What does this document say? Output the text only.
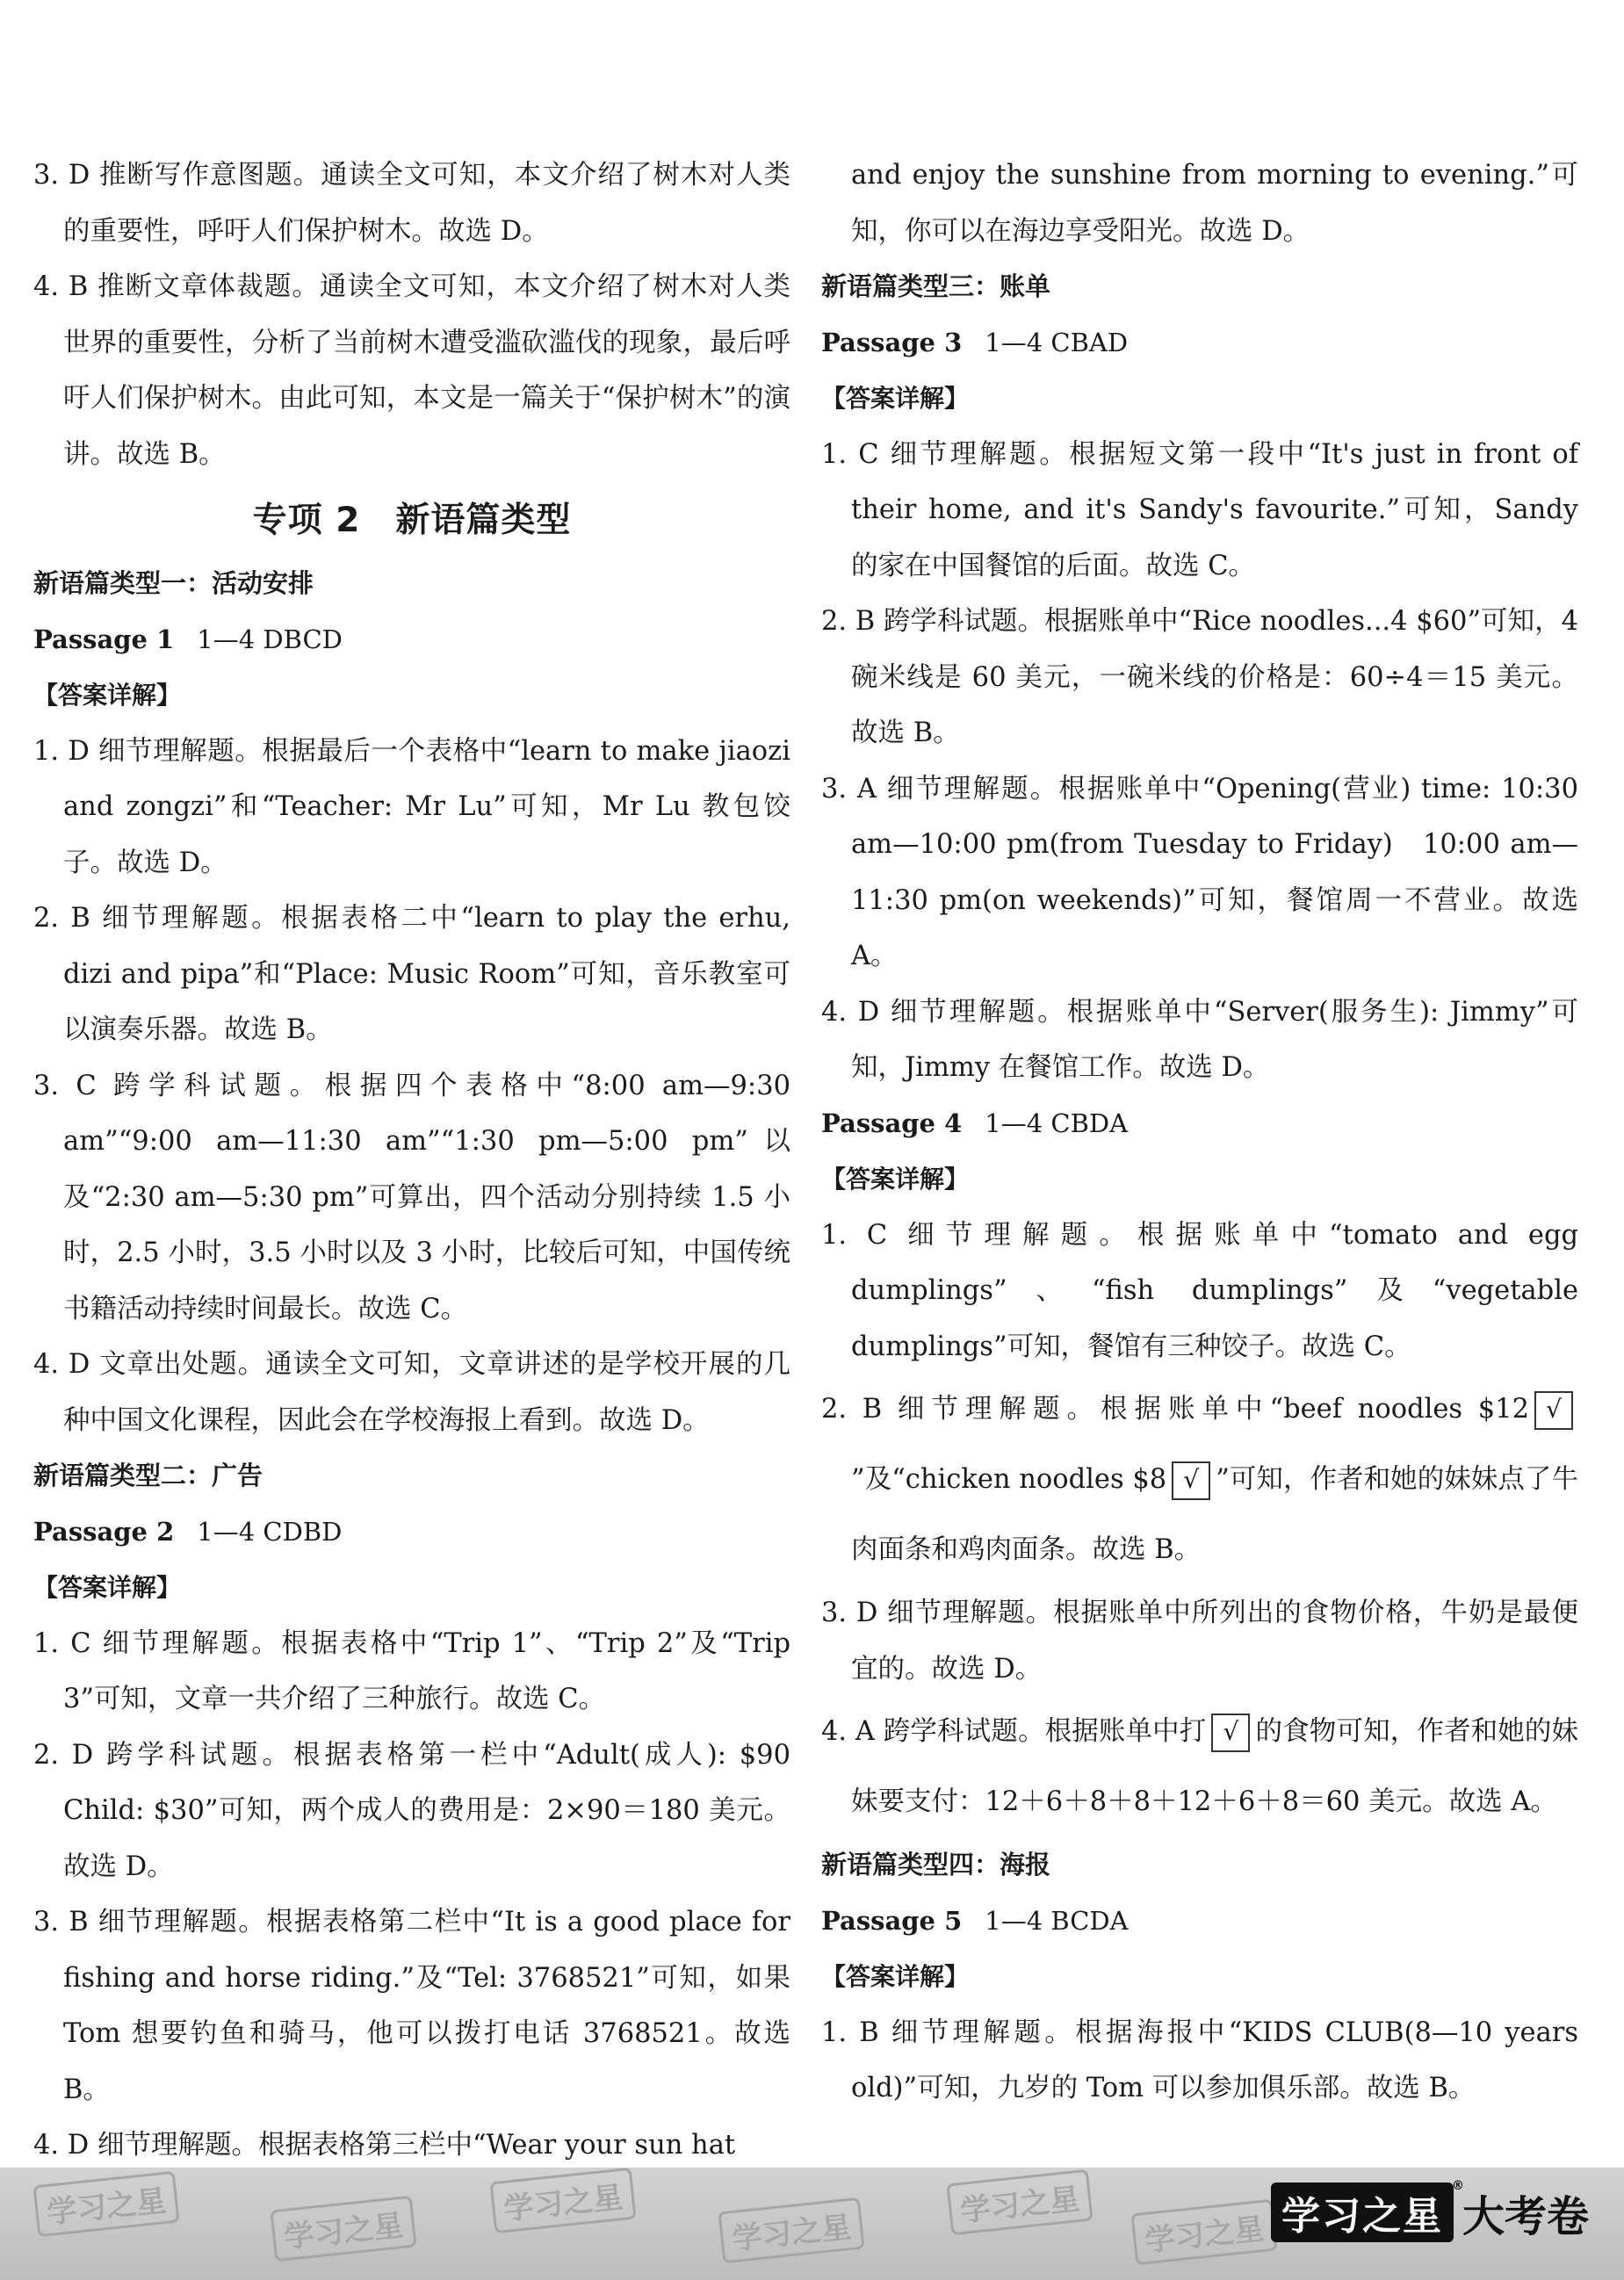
3. D 推断写作意图题。通读全文可知，本文介绍了树木对人类的重要性，呼吁人们保护树木。故选 D。

4. B 推断文章体裁题。通读全文可知，本文介绍了树木对人类世界的重要性，分析了当前树木遭受滥砍滥伐的现象，最后呼吁人们保护树木。由此可知，本文是一篇关于“保护树木”的演讲。故选 B。

专项 2　新语篇类型
新语篇类型一：活动安排
Passage 1 1—4 DBCD
【答案详解】

1. D 细节理解题。根据最后一个表格中“learn to make jiaozi and zongzi”和“Teacher: Mr Lu”可知，Mr Lu 教包饺子。故选 D。

2. B 细节理解题。根据表格二中“learn to play the erhu, dizi and pipa”和“Place: Music Room”可知，音乐教室可以演奏乐器。故选 B。

3. C 跨学科试题。根据四个表格中“8:00 am—9:30 am”“9:00 am—11:30 am”“1:30 pm—5:00 pm”以及“2:30 am—5:30 pm”可算出，四个活动分别持续 1.5 小时，2.5 小时，3.5 小时以及 3 小时，比较后可知，中国传统书籍活动持续时间最长。故选 C。

4. D 文章出处题。通读全文可知，文章讲述的是学校开展的几种中国文化课程，因此会在学校海报上看到。故选 D。

新语篇类型二：广告
Passage 2 1—4 CDBD
【答案详解】

1. C 细节理解题。根据表格中“Trip 1”、“Trip 2”及“Trip 3”可知，文章一共介绍了三种旅行。故选 C。

2. D 跨学科试题。根据表格第一栏中“Adult(成人): $90 Child: $30”可知，两个成人的费用是：2×90＝180 美元。故选 D。

3. B 细节理解题。根据表格第二栏中“It is a good place for fishing and horse riding.”及“Tel: 3768521”可知，如果 Tom 想要钓鱼和骑马，他可以拨打电话 3768521。故选 B。

4. D 细节理解题。根据表格第三栏中“Wear your sun hat

and enjoy the sunshine from morning to evening.”可知，你可以在海边享受阳光。故选 D。

新语篇类型三：账单
Passage 3 1—4 CBAD
【答案详解】

1. C 细节理解题。根据短文第一段中“It's just in front of their home, and it's Sandy's favourite.”可知，Sandy 的家在中国餐馆的后面。故选 C。

2. B 跨学科试题。根据账单中“Rice noodles...4 $60”可知，4 碗米线是 60 美元，一碗米线的价格是：60÷4＝15 美元。故选 B。

3. A 细节理解题。根据账单中“Opening(营业) time: 10:30 am—10:00 pm(from Tuesday to Friday)　10:00 am—11:30 pm(on weekends)”可知，餐馆周一不营业。故选 A。

4. D 细节理解题。根据账单中“Server(服务生): Jimmy”可知，Jimmy 在餐馆工作。故选 D。

Passage 4 1—4 CBDA
【答案详解】

1. C 细节理解题。根据账单中“tomato and egg dumplings”、“fish dumplings”及“vegetable dumplings”可知，餐馆有三种饺子。故选 C。

2. B 细节理解题。根据账单中“beef noodles $12 √”及“chicken noodles $8 √ ”可知，作者和她的妹妹点了牛肉面条和鸡肉面条。故选 B。

3. D 细节理解题。根据账单中所列出的食物价格，牛奶是最便宜的。故选 D。

4. A 跨学科试题。根据账单中打 √ 的食物可知，作者和她的妹妹要支付：12＋6＋8＋8＋12＋6＋8＝60 美元。故选 A。

新语篇类型四：海报
Passage 5 1—4 BCDA
【答案详解】

1. B 细节理解题。根据海报中“KIDS CLUB(8—10 years old)”可知，九岁的 Tom 可以参加俱乐部。故选 B。

学习之星
学习之星
学习之星
学习之星
学习之星
学习之星 学习之星
®
大考卷
